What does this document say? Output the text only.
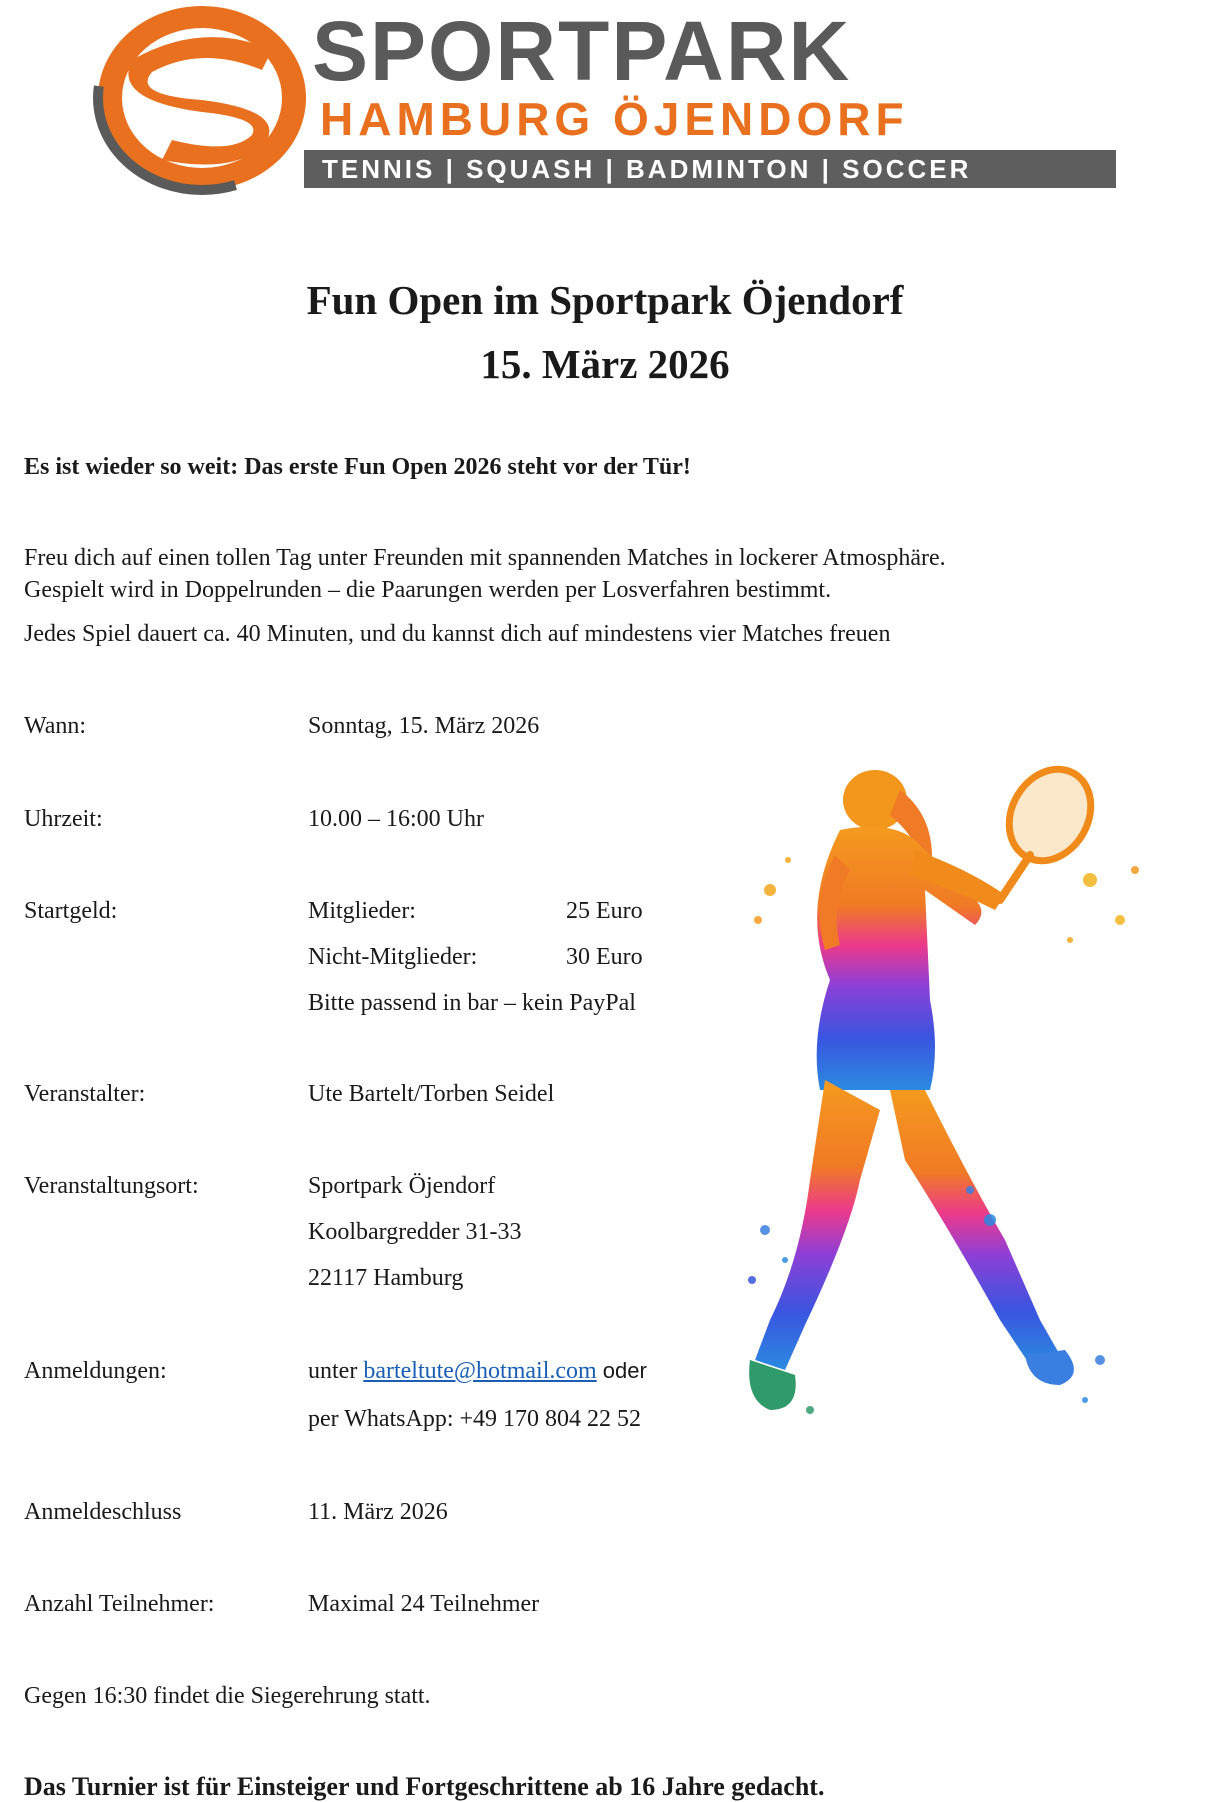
SPORTPARK
HAMBURG ÖJENDORF
TENNIS | SQUASH | BADMINTON | SOCCER
Fun Open im Sportpark Öjendorf
15. März 2026

Es ist wieder so weit: Das erste Fun Open 2026 steht vor der Tür!

Freu dich auf einen tollen Tag unter Freunden mit spannenden Matches in lockerer Atmosphäre.

Gespielt wird in Doppelrunden – die Paarungen werden per Losverfahren bestimmt.

Jedes Spiel dauert ca. 40 Minuten, und du kannst dich auf mindestens vier Matches freuen

Wann:	Sonntag, 15. März 2026
Uhrzeit:	10.00 – 16:00 Uhr
Startgeld:	Mitglieder:	25 Euro
Nicht-Mitglieder:	30 Euro
Bitte passend in bar – kein PayPal
Veranstalter:	Ute Bartelt/Torben Seidel
Veranstaltungsort:	Sportpark Öjendorf
Koolbargredder 31-33
22117 Hamburg
Anmeldungen:	unter barteltute@hotmail.com oder
per WhatsApp: +49 170 804 22 52
Anmeldeschluss	11. März 2026
Anzahl Teilnehmer:	Maximal 24 Teilnehmer

Gegen 16:30 findet die Siegerehrung statt.

Das Turnier ist für Einsteiger und Fortgeschrittene ab 16 Jahre gedacht.
